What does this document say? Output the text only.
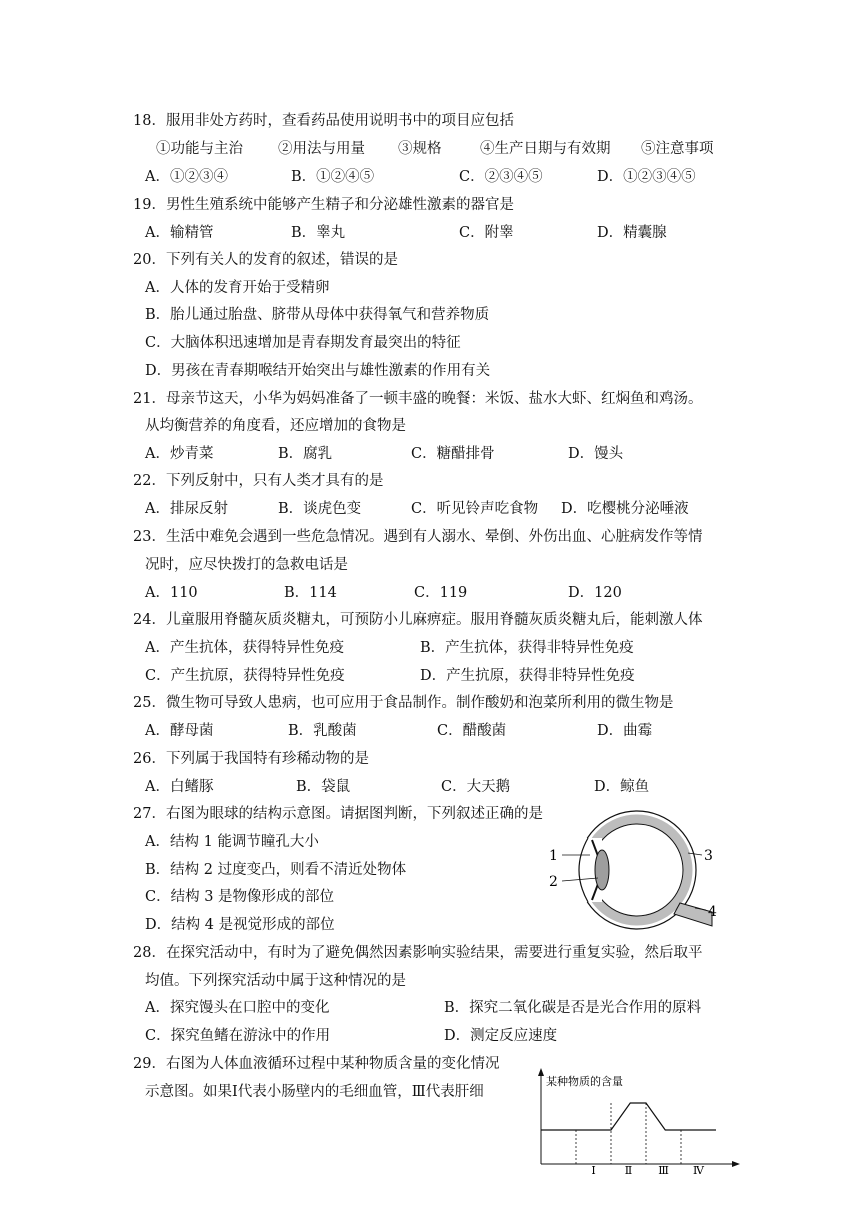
18．服用非处方药时，查看药品使用说明书中的项目应包括
①功能与主治 ②用法与用量 ③规格	④生产日期与有效期 ⑤注意事项
A．①②③④	B．①②④⑤	C．②③④⑤	D．①②③④⑤
19．男性生殖系统中能够产生精子和分泌雄性激素的器官是
A．输精管	B．睾丸	C．附睾	D．精囊腺
20．下列有关人的发育的叙述，错误的是
A．人体的发育开始于受精卵
B．胎儿通过胎盘、脐带从母体中获得氧气和营养物质
C．大脑体积迅速增加是青春期发育最突出的特征
D．男孩在青春期喉结开始突出与雄性激素的作用有关
21．母亲节这天，小华为妈妈准备了一顿丰盛的晚餐：米饭、盐水大虾、红焖鱼和鸡汤。
从均衡营养的角度看，还应增加的食物是
A．炒青菜	B．腐乳	C．糖醋排骨	D．馒头
22．下列反射中，只有人类才具有的是
A．排尿反射	B．谈虎色变	C．听见铃声吃食物 D．吃樱桃分泌唾液
23．生活中难免会遇到一些危急情况。遇到有人溺水、晕倒、外伤出血、心脏病发作等情
况时，应尽快拨打的急救电话是
A．110	B．114	C．119	D．120
24．儿童服用脊髓灰质炎糖丸，可预防小儿麻痹症。服用脊髓灰质炎糖丸后，能刺激人体
A．产生抗体，获得特异性免疫	B．产生抗体，获得非特异性免疫
C．产生抗原，获得特异性免疫	D．产生抗原，获得非特异性免疫
25．微生物可导致人患病，也可应用于食品制作。制作酸奶和泡菜所利用的微生物是
A．酵母菌	B．乳酸菌	C．醋酸菌	D．曲霉
26．下列属于我国特有珍稀动物的是
A．白鳍豚	B．袋鼠	C．大天鹅	D．鲸鱼
27．右图为眼球的结构示意图。请据图判断，下列叙述正确的是
A．结构 1 能调节瞳孔大小
B．结构 2 过度变凸，则看不清近处物体
C．结构 3 是物像形成的部位
D．结构 4 是视觉形成的部位
1
2
3
4
28．在探究活动中，有时为了避免偶然因素影响实验结果，需要进行重复实验，然后取平
均值。下列探究活动中属于这种情况的是
A．探究馒头在口腔中的变化	B．探究二氧化碳是否是光合作用的原料
C．探究鱼鳍在游泳中的作用	D．测定反应速度
29．右图为人体血液循环过程中某种物质含量的变化情况
示意图。如果Ⅰ代表小肠壁内的毛细血管，Ⅲ代表肝细
某种物质的含量
Ⅰ	Ⅱ Ⅲ Ⅳ
